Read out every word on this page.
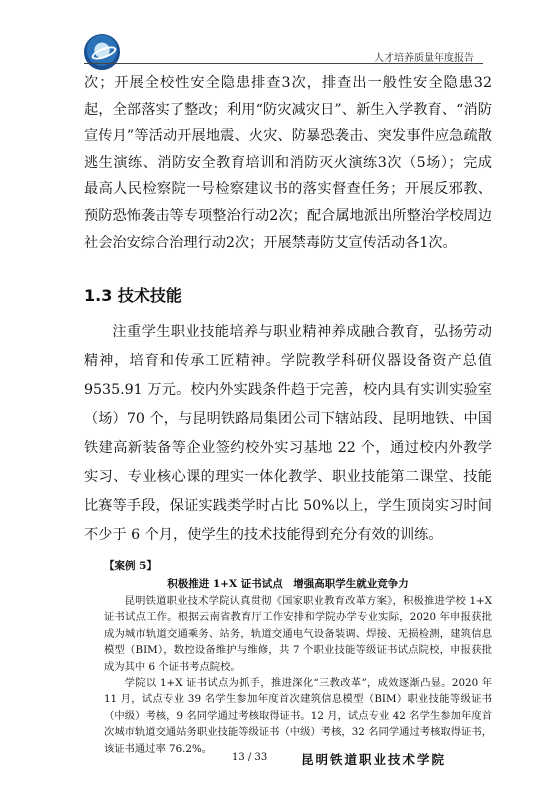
人才培养质量年度报告
次；开展全校性安全隐患排查3次，排查出一般性安全隐患32起，全部落实了整改；利用“防灾减灾日”、新生入学教育、“消防宣传月”等活动开展地震、火灾、防暴恐袭击、突发事件应急疏散逃生演练、消防安全教育培训和消防灭火演练3次（5场）；完成最高人民检察院一号检察建议书的落实督查任务；开展反邪教、预防恐怖袭击等专项整治行动2次；配合属地派出所整治学校周边社会治安综合治理行动2次；开展禁毒防艾宣传活动各1次。
1.3 技术技能
注重学生职业技能培养与职业精神养成融合教育，弘扬劳动精神，培育和传承工匠精神。学院教学科研仪器设备资产总值 9535.91 万元。校内外实践条件趋于完善，校内具有实训实验室（场）70 个，与昆明铁路局集团公司下辖站段、昆明地铁、中国铁建高新装备等企业签约校外实习基地 22 个，通过校内外教学实习、专业核心课的理实一体化教学、职业技能第二课堂、技能比赛等手段，保证实践类学时占比 50%以上，学生顶岗实习时间不少于 6 个月，使学生的技术技能得到充分有效的训练。
【案例 5】
积极推进 1+X 证书试点　增强高职学生就业竞争力

昆明铁道职业技术学院认真贯彻《国家职业教育改革方案》，积极推进学校 1+X 证书试点工作。根据云南省教育厅工作安排和学院办学专业实际，2020 年申报获批成为城市轨道交通乘务、站务，轨道交通电气设备装调、焊接、无损检测，建筑信息模型（BIM），数控设备维护与维修，共 7 个职业技能等级证书试点院校，申报获批成为其中 6 个证书考点院校。

学院以 1+X 证书试点为抓手，推进深化“三教改革”，成效逐渐凸显。2020 年 11 月，试点专业 39 名学生参加年度首次建筑信息模型（BIM）职业技能等级证书（中级）考核，9 名同学通过考核取得证书。12 月，试点专业 42 名学生参加年度首次城市轨道交通站务职业技能等级证书（中级）考核，32 名同学通过考核取得证书，该证书通过率 76.2%。

13 / 33	昆明铁道职业技术学院
